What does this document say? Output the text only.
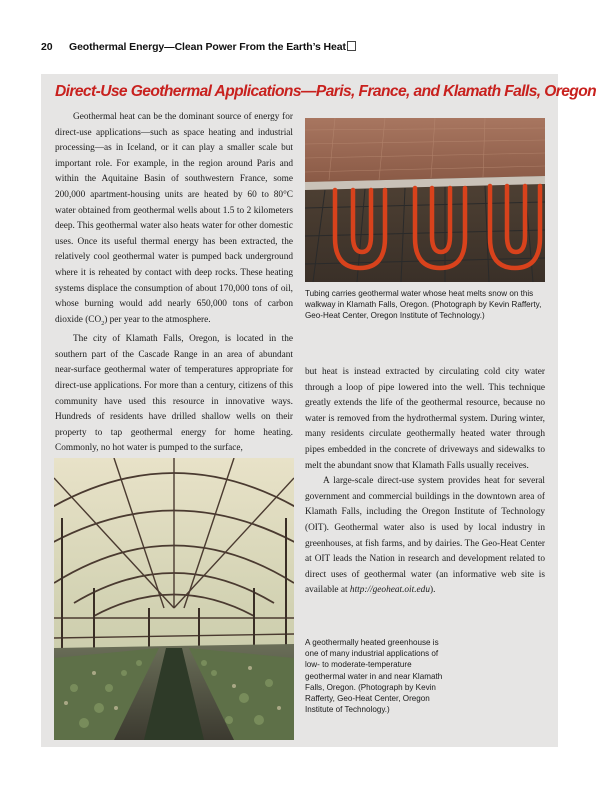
20 Geothermal Energy—Clean Power From the Earth’s Heat
Direct-Use Geothermal Applications—Paris, France, and Klamath Falls, Oregon

Geothermal heat can be the dominant source of energy for direct-use applications—such as space heating and industrial processing—as in Iceland, or it can play a smaller scale but important role. For example, in the region around Paris and within the Aquitaine Basin of southwestern France, some 200,000 apartment-housing units are heated by 60 to 80°C water obtained from geothermal wells about 1.5 to 2 kilometers deep. This geothermal water also heats water for other domestic uses. Once its useful thermal energy has been extracted, the relatively cool geothermal water is pumped back underground where it is reheated by contact with deep rocks. These heating systems displace the consumption of about 170,000 tons of oil, whose burning would add nearly 650,000 tons of carbon dioxide $(CO_2)$ per year to the atmosphere.

The city of Klamath Falls, Oregon, is located in the southern part of the Cascade Range in an area of abundant near-surface geothermal water of temperatures appropriate for direct-use applications. For more than a century, citizens of this community have used this resource in innovative ways. Hundreds of residents have drilled shallow wells on their property to tap geothermal energy for home heating. Commonly, no hot water is pumped to the surface,

Tubing carries geothermal water whose heat melts snow on this walkway in Klamath Falls, Oregon. (Photograph by Kevin Rafferty, Geo-Heat Center, Oregon Institute of Technology.)

but heat is instead extracted by circulating cold city water through a loop of pipe lowered into the well. This technique greatly extends the life of the geothermal resource, because no water is removed from the hydrothermal system. During winter, many residents circulate geothermally heated water through pipes embedded in the concrete of driveways and sidewalks to melt the abundant snow that Klamath Falls usually receives.

A large-scale direct-use system provides heat for several government and commercial buildings in the downtown area of Klamath Falls, including the Oregon Institute of Technology (OIT). Geothermal water also is used by local industry in greenhouses, at fish farms, and by dairies. The Geo-Heat Center at OIT leads the Nation in research and development related to direct uses of geothermal water (an informative web site is available at http://geoheat.oit.edu).

A geothermally heated greenhouse is one of many industrial applications of low- to moderate-temperature geothermal water in and near Klamath Falls, Oregon. (Photograph by Kevin Rafferty, Geo-Heat Center, Oregon Institute of Technology.)
